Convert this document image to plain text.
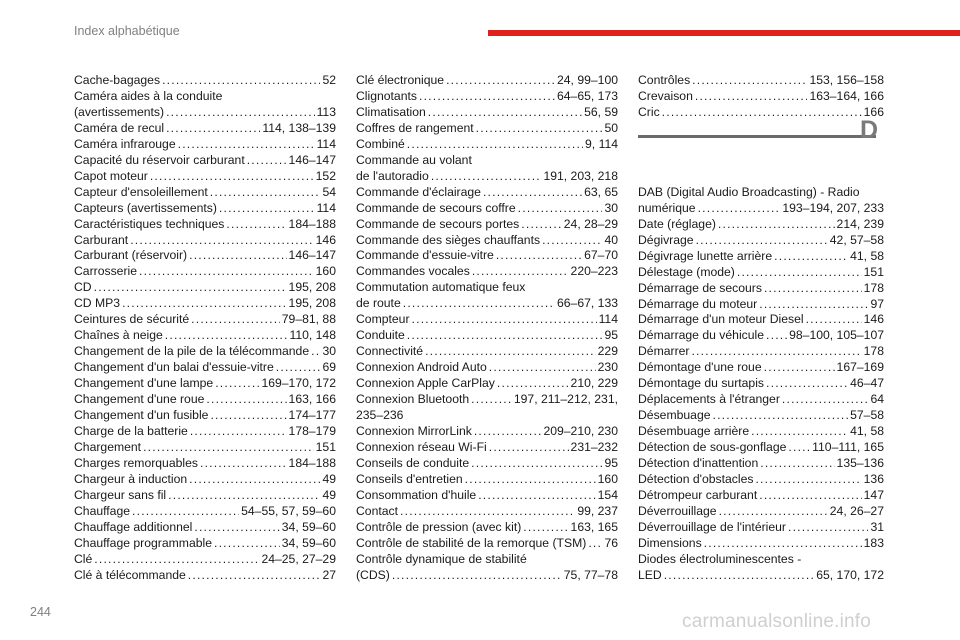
Index alphabétique
Cache-bagages .....	52
Caméra aides à la conduite
(avertissements) .....	113
Caméra de recul .....	114, 138–139
Caméra infrarouge .....	114
Capacité du réservoir carburant .....	146–147
Capot moteur .....	152
Capteur d'ensoleillement .....	54
Capteurs (avertissements) .....	114
Caractéristiques techniques .....	184–188
Carburant .....	146
Carburant (réservoir) .....	146–147
Carrosserie .....	160
CD .....	195, 208
CD MP3 .....	195, 208
Ceintures de sécurité .....	79–81, 88
Chaînes à neige .....	110, 148
Changement de la pile de la télécommande ..... 30
Changement d'un balai d'essuie-vitre .....	69
Changement d'une lampe .....	169–170, 172
Changement d'une roue .....	163, 166
Changement d'un fusible .....	174–177
Charge de la batterie .....	178–179
Chargement .....	151
Charges remorquables .....	184–188
Chargeur à induction .....	49
Chargeur sans fil .....	49
Chauffage .....	54–55, 57, 59–60
Chauffage additionnel .....	34, 59–60
Chauffage programmable .....	34, 59–60
Clé .....	24–25, 27–29
Clé à télécommande .....	27
Clé électronique .....	24, 99–100
Clignotants .....	64–65, 173
Climatisation .....	56, 59
Coffres de rangement .....	50
Combiné .....	9, 114
Commande au volant
de l'autoradio .....	191, 203, 218
Commande d'éclairage .....	63, 65
Commande de secours coffre .....	30
Commande de secours portes .....	24, 28–29
Commande des sièges chauffants .....	40
Commande d'essuie-vitre .....	67–70
Commandes vocales .....	220–223
Commutation automatique feux
de route .....	66–67, 133
Compteur .....	114
Conduite .....	95
Connectivité .....	229
Connexion Android Auto .....	230
Connexion Apple CarPlay .....	210, 229
Connexion Bluetooth .....	197, 211–212, 231,
235–236
Connexion MirrorLink .....	209–210, 230
Connexion réseau Wi-Fi .....	231–232
Conseils de conduite .....	95
Conseils d'entretien .....	160
Consommation d'huile .....	154
Contact .....	99, 237
Contrôle de pression (avec kit) .....	163, 165
Contrôle de stabilité de la remorque (TSM) ..... 76
Contrôle dynamique de stabilité
(CDS) .....	75, 77–78
Contrôles .....	153, 156–158
Crevaison .....	163–164, 166
Cric .....	166
D
DAB (Digital Audio Broadcasting) - Radio
numérique .....	193–194, 207, 233
Date (réglage) .....	214, 239
Dégivrage .....	42, 57–58
Dégivrage lunette arrière .....	41, 58
Délestage (mode) .....	151
Démarrage de secours .....	178
Démarrage du moteur .....	97
Démarrage d'un moteur Diesel .....	146
Démarrage du véhicule ..... 98–100, 105–107
Démarrer .....	178
Démontage d'une roue .....	167–169
Démontage du surtapis .....	46–47
Déplacements à l'étranger .....	64
Désembuage .....	57–58
Désembuage arrière .....	41, 58
Détection de sous-gonflage ..... 110–111, 165
Détection d'inattention .....	135–136
Détection d'obstacles .....	136
Détrompeur carburant .....	147
Déverrouillage .....	24, 26–27
Déverrouillage de l'intérieur .....	31
Dimensions .....	183
Diodes électroluminescentes -
LED .....	65, 170, 172
244	carmanualsonline.info
